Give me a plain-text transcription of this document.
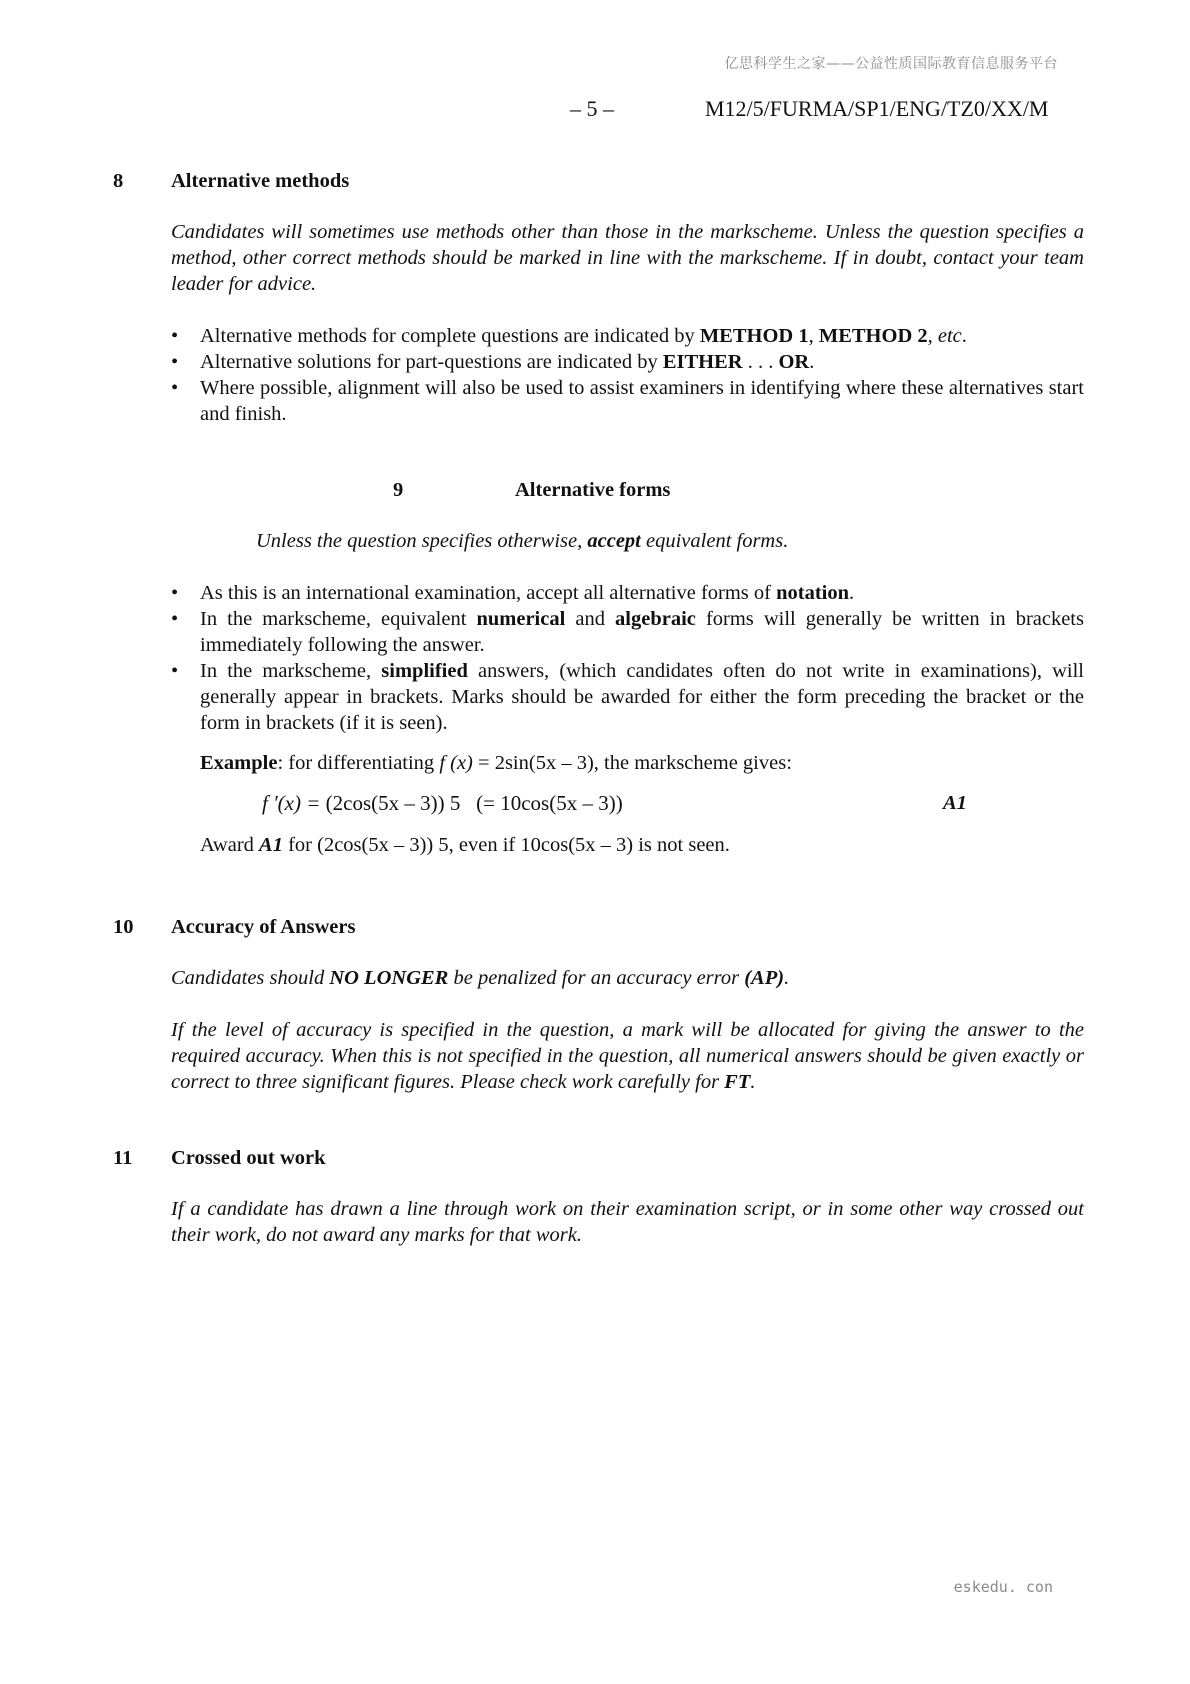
亿思科学生之家——公益性质国际教育信息服务平台
– 5 –	M12/5/FURMA/SP1/ENG/TZ0/XX/M
8 Alternative methods

Candidates will sometimes use methods other than those in the markscheme. Unless the question specifies a method, other correct methods should be marked in line with the markscheme. If in doubt, contact your team leader for advice.

• Alternative methods for complete questions are indicated by METHOD 1, METHOD 2, etc.
• Alternative solutions for part-questions are indicated by EITHER . . . OR.
• Where possible, alignment will also be used to assist examiners in identifying where these alternatives start and finish.
9	Alternative forms

Unless the question specifies otherwise, accept equivalent forms.

• As this is an international examination, accept all alternative forms of notation.
• In the markscheme, equivalent numerical and algebraic forms will generally be written in brackets immediately following the answer.
• In the markscheme, simplified answers, (which candidates often do not write in examinations), will generally appear in brackets. Marks should be awarded for either the form preceding the bracket or the form in brackets (if it is seen).
Example: for differentiating f (x) = 2sin(5x – 3), the markscheme gives:
f ′(x) = (2cos(5x – 3)) 5 (= 10cos(5x – 3))	A1
Award A1 for (2cos(5x – 3)) 5, even if 10cos(5x – 3) is not seen.
10 Accuracy of Answers

Candidates should NO LONGER be penalized for an accuracy error (AP).

If the level of accuracy is specified in the question, a mark will be allocated for giving the answer to the required accuracy. When this is not specified in the question, all numerical answers should be given exactly or correct to three significant figures. Please check work carefully for FT.

11 Crossed out work

If a candidate has drawn a line through work on their examination script, or in some other way crossed out their work, do not award any marks for that work.

eskedu. con
